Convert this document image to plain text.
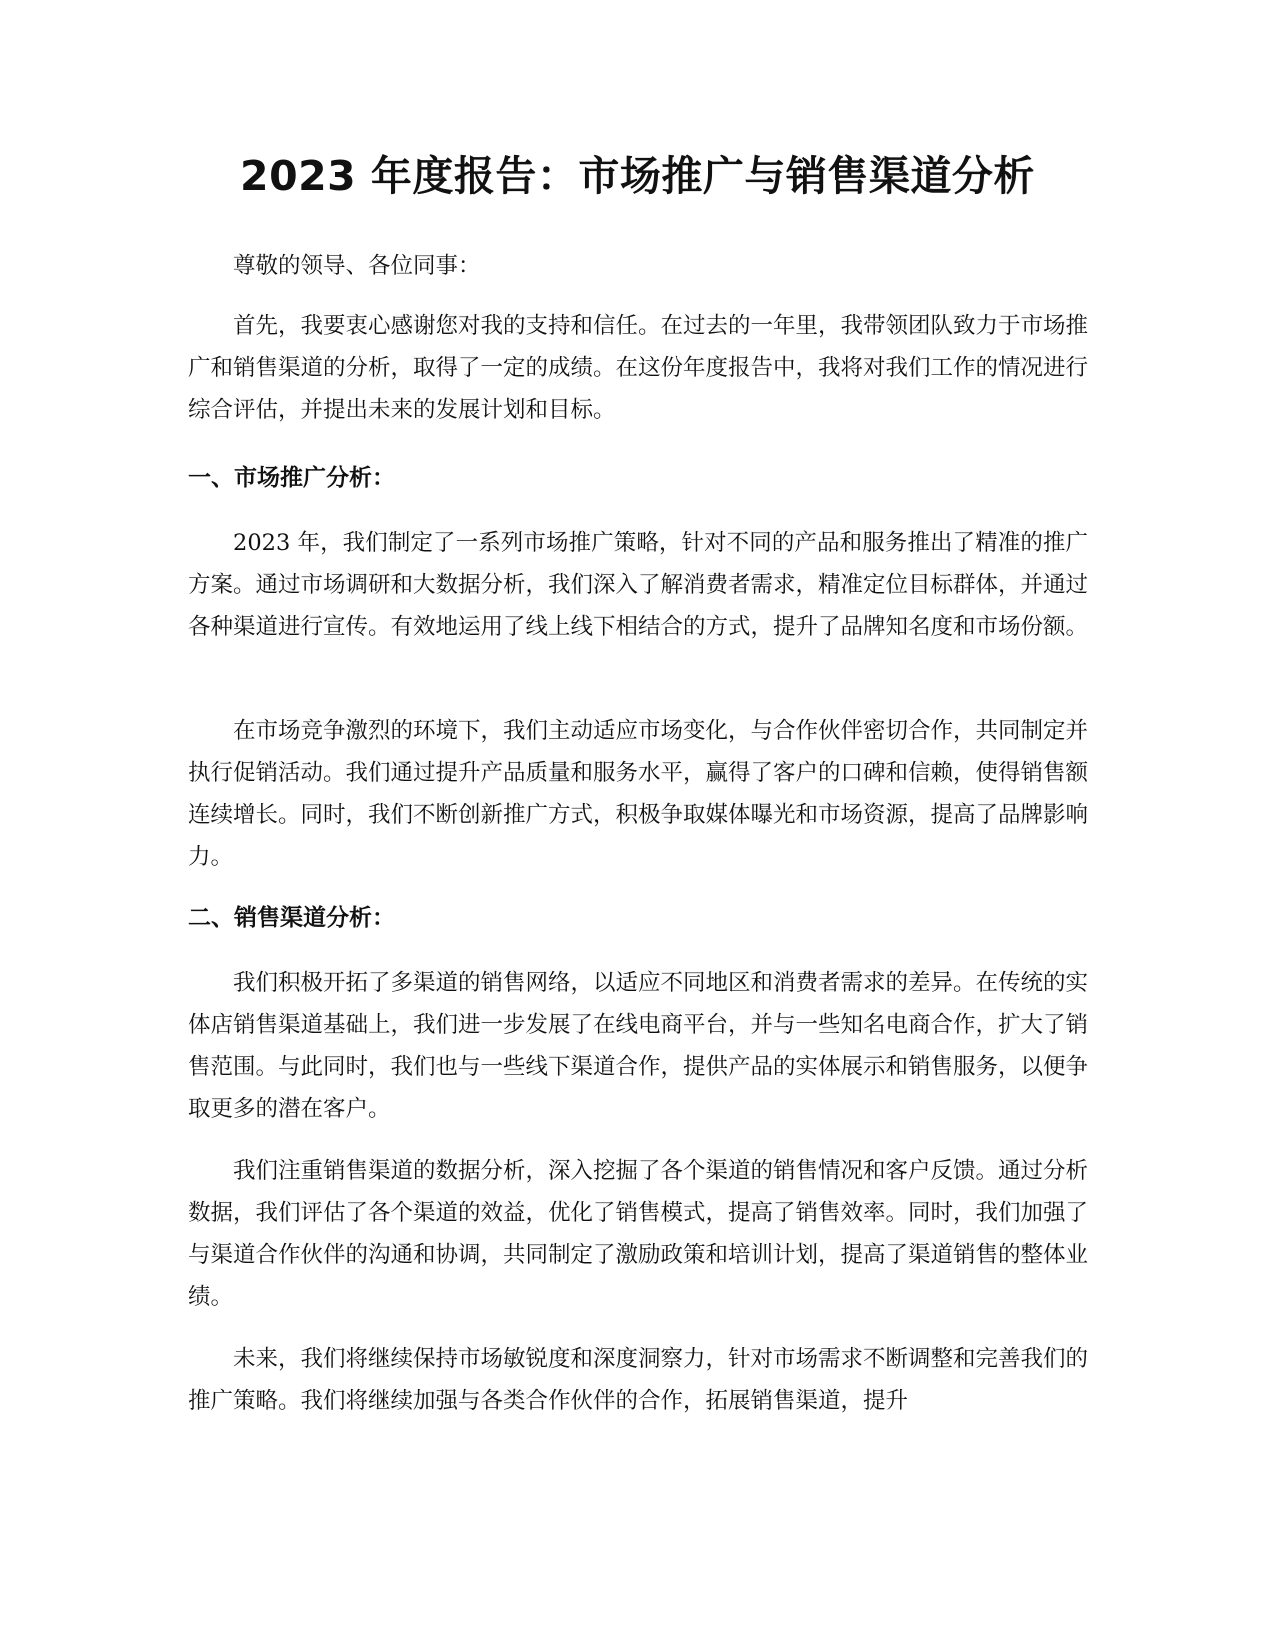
2023 年度报告：市场推广与销售渠道分析

尊敬的领导、各位同事：

首先，我要衷心感谢您对我的支持和信任。在过去的一年里，我带领团队致力于市场推广和销售渠道的分析，取得了一定的成绩。在这份年度报告中，我将对我们工作的情况进行综合评估，并提出未来的发展计划和目标。

一、市场推广分析：

2023 年，我们制定了一系列市场推广策略，针对不同的产品和服务推出了精准的推广方案。通过市场调研和大数据分析，我们深入了解消费者需求，精准定位目标群体，并通过各种渠道进行宣传。有效地运用了线上线下相结合的方式，提升了品牌知名度和市场份额。

在市场竞争激烈的环境下，我们主动适应市场变化，与合作伙伴密切合作，共同制定并执行促销活动。我们通过提升产品质量和服务水平，赢得了客户的口碑和信赖，使得销售额连续增长。同时，我们不断创新推广方式，积极争取媒体曝光和市场资源，提高了品牌影响力。

二、销售渠道分析：

我们积极开拓了多渠道的销售网络，以适应不同地区和消费者需求的差异。在传统的实体店销售渠道基础上，我们进一步发展了在线电商平台，并与一些知名电商合作，扩大了销售范围。与此同时，我们也与一些线下渠道合作，提供产品的实体展示和销售服务，以便争取更多的潜在客户。

我们注重销售渠道的数据分析，深入挖掘了各个渠道的销售情况和客户反馈。通过分析数据，我们评估了各个渠道的效益，优化了销售模式，提高了销售效率。同时，我们加强了与渠道合作伙伴的沟通和协调，共同制定了激励政策和培训计划，提高了渠道销售的整体业绩。

未来，我们将继续保持市场敏锐度和深度洞察力，针对市场需求不断调整和完善我们的推广策略。我们将继续加强与各类合作伙伴的合作，拓展销售渠道，提升
